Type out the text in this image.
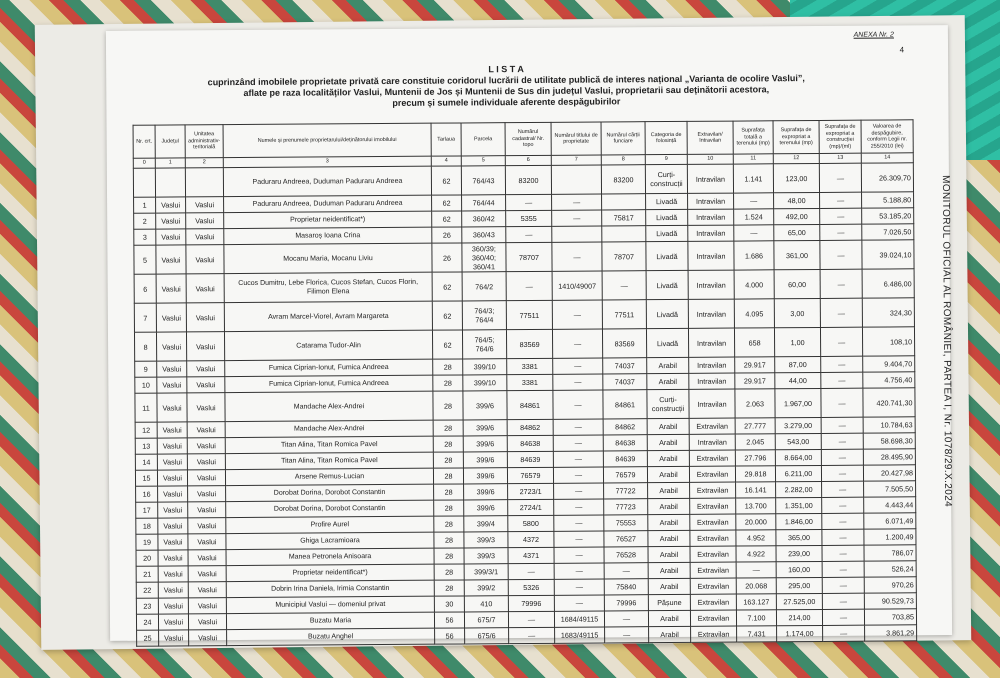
ANEXA Nr. 2
4
MONITORUL OFICIAL AL ROMÂNIEI, PARTEA I, Nr. 1078/29.X.2024
L I S T A
cuprinzând imobilele proprietate privată care constituie coridorul lucrării de utilitate publică de interes național „Varianta de ocolire Vaslui”,
aflate pe raza localităților Vaslui, Muntenii de Jos și Muntenii de Sus din județul Vaslui, proprietarii sau deținătorii acestora,
precum și sumele individuale aferente despăgubirilor
Nr. crt.	Județul	Unitatea administrativ-teritorială	Numele și prenumele proprietarului/deținătorului imobilului	Tarlaua	Parcela	Numărul cadastral/ Nr. topo	Numărul titlului de proprietate	Numărul cărții funciare	Categoria de folosință	Extravilan/ Intravilan	Suprafața totală a terenului (mp)	Suprafața de expropriat a terenului (mp)	Suprafața de expropriat a construcției (mp)/(ml)	Valoarea de despăgubire, conform Legii nr. 255/2010 (lei)
0	1	2	3	4	5	6	7	8	9	10	11	12	13	14
			Paduraru Andreea, Duduman Paduraru Andreea	62	764/43	83200		83200	Curți-construcții	Intravilan	1.141	123,00	—	26.309,70
1	Vaslui	Vaslui	Paduraru Andreea, Duduman Paduraru Andreea	62	764/44	—	—		Livadă	Intravilan	—	48,00	—	5.188,80
2	Vaslui	Vaslui	Proprietar neidentificat*)	62	360/42	5355	—	75817	Livadă	Intravilan	1.524	492,00	—	53.185,20
3	Vaslui	Vaslui	Masaroș Ioana Crina	26	360/43	—			Livadă	Intravilan	—	65,00	—	7.026,50
5	Vaslui	Vaslui	Mocanu Maria, Mocanu Liviu	26	360/39; 360/40; 360/41	78707	—	78707	Livadă	Intravilan	1.686	361,00	—	39.024,10
6	Vaslui	Vaslui	Cucos Dumitru, Lebe Florica, Cucos Stefan, Cucos Florin, Filimon Elena	62	764/2	—	1410/49007	—	Livadă	Intravilan	4.000	60,00	—	6.486,00
7	Vaslui	Vaslui	Avram Marcel-Viorel, Avram Margareta	62	764/3; 764/4	77511	—	77511	Livadă	Intravilan	4.095	3,00	—	324,30
8	Vaslui	Vaslui	Catarama Tudor-Alin	62	764/5; 764/6	83569	—	83569	Livadă	Intravilan	658	1,00	—	108,10
9	Vaslui	Vaslui	Fumica Ciprian-Ionut, Fumica Andreea	28	399/10	3381	—	74037	Arabil	Intravilan	29.917	87,00	—	9.404,70
10	Vaslui	Vaslui	Fumica Ciprian-Ionut, Fumica Andreea	28	399/10	3381	—	74037	Arabil	Intravilan	29.917	44,00	—	4.756,40
11	Vaslui	Vaslui	Mandache Alex-Andrei	28	399/6	84861	—	84861	Curți-construcții	Intravilan	2.063	1.967,00	—	420.741,30
12	Vaslui	Vaslui	Mandache Alex-Andrei	28	399/6	84862	—	84862	Arabil	Extravilan	27.777	3.279,00	—	10.784,63
13	Vaslui	Vaslui	Titan Alina, Titan Romica Pavel	28	399/6	84638	—	84638	Arabil	Intravilan	2.045	543,00	—	58.698,30
14	Vaslui	Vaslui	Titan Alina, Titan Romica Pavel	28	399/6	84639	—	84639	Arabil	Extravilan	27.796	8.664,00	—	28.495,90
15	Vaslui	Vaslui	Arsene Remus-Lucian	28	399/6	76579	—	76579	Arabil	Extravilan	29.818	6.211,00	—	20.427,98
16	Vaslui	Vaslui	Dorobat Dorina, Dorobot Constantin	28	399/6	2723/1	—	77722	Arabil	Extravilan	16.141	2.282,00	—	7.505,50
17	Vaslui	Vaslui	Dorobat Dorina, Dorobot Constantin	28	399/6	2724/1	—	77723	Arabil	Extravilan	13.700	1.351,00	—	4.443,44
18	Vaslui	Vaslui	Profire Aurel	28	399/4	5800	—	75553	Arabil	Extravilan	20.000	1.846,00	—	6.071,49
19	Vaslui	Vaslui	Ghiga Lacramioara	28	399/3	4372	—	76527	Arabil	Extravilan	4.952	365,00	—	1.200,49
20	Vaslui	Vaslui	Manea Petronela Anisoara	28	399/3	4371	—	76528	Arabil	Extravilan	4.922	239,00	—	786,07
21	Vaslui	Vaslui	Proprietar neidentificat*)	28	399/3/1	—	—	—	Arabil	Extravilan	—	160,00	—	526,24
22	Vaslui	Vaslui	Dobrin Irina Daniela, Irimia Constantin	28	399/2	5326	—	75840	Arabil	Extravilan	20.068	295,00	—	970,26
23	Vaslui	Vaslui	Municipiul Vaslui — domeniul privat	30	410	79996	—	79996	Pășune	Extravilan	163.127	27.525,00	—	90.529,73
24	Vaslui	Vaslui	Buzatu Maria	56	675/7	—	1684/49115	—	Arabil	Extravilan	7.100	214,00	—	703,85
25	Vaslui	Vaslui	Buzatu Anghel	56	675/6	—	1683/49115	—	Arabil	Extravilan	7.431	1.174,00	—	3.861,29
